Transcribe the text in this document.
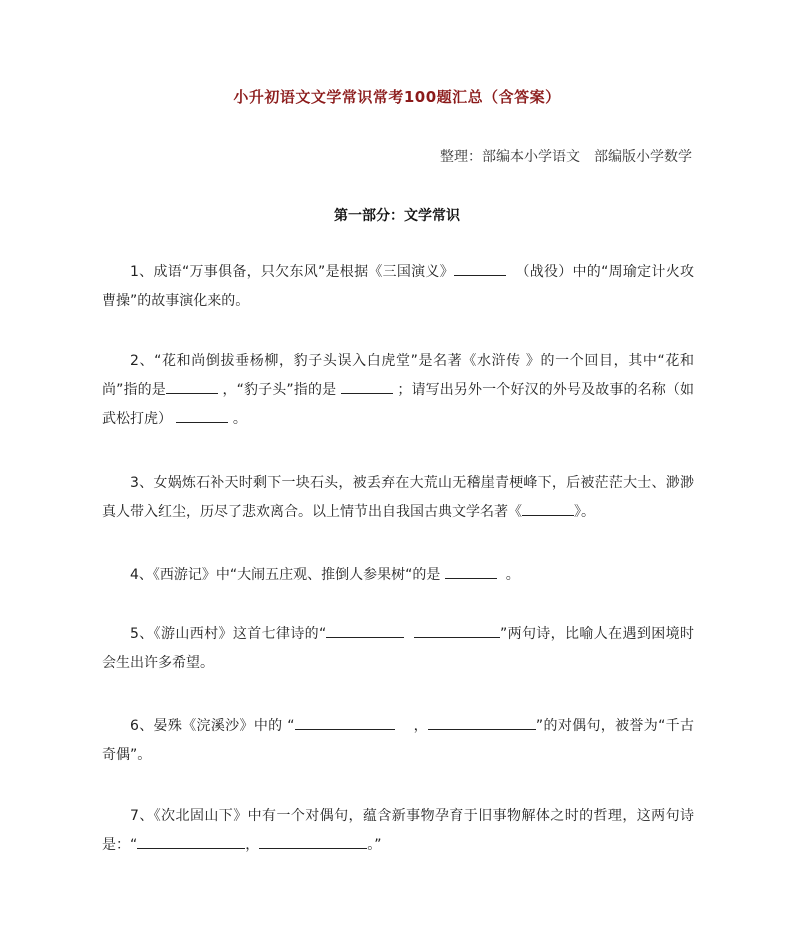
小升初语文文学常识常考100题汇总（含答案）
整理：部编本小学语文　部编版小学数学
第一部分：文学常识
1、成语“万事俱备，只欠东风”是根据《三国演义》	（战役）中的“周瑜定计火攻曹操”的故事演化来的。
2、“花和尚倒拔垂杨柳，豹子头误入白虎堂”是名著《水浒传 》的一个回目，其中“花和尚”指的是	，“豹子头”指的是	；请写出另外一个好汉的外号及故事的名称（如武松打虎）	。
3、女娲炼石补天时剩下一块石头，被丢弃在大荒山无稽崖青梗峰下，后被茫茫大士、渺渺真人带入红尘，历尽了悲欢离合。以上情节出自我国古典文学名著《	》。
4、《西游记》中“大闹五庄观、推倒人参果树“的是	。
5、《游山西村》这首七律诗的“	”两句诗，比喻人在遇到困境时会生出许多希望。
6、晏殊《浣溪沙》中的 “	，	”的对偶句，被誉为“千古奇偶”。
7、《次北固山下》中有一个对偶句，蕴含新事物孕育于旧事物解体之时的哲理，这两句诗是：“	，	。”
